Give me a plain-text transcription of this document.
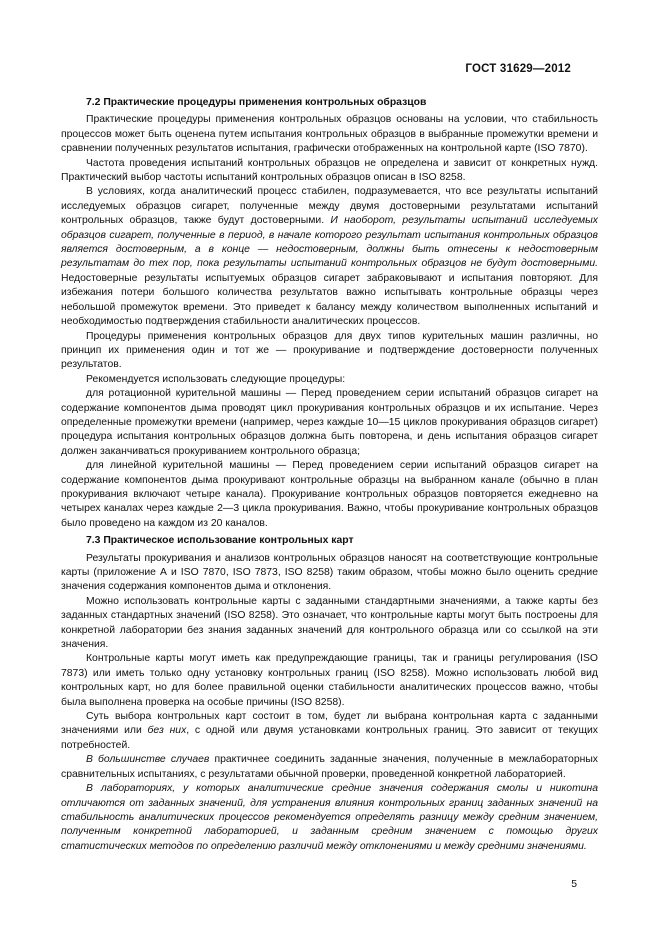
ГОСТ 31629—2012
7.2 Практические процедуры применения контрольных образцов

Практические процедуры применения контрольных образцов основаны на условии, что стабильность процессов может быть оценена путем испытания контрольных образцов в выбранные промежутки времени и сравнении полученных результатов испытания, графически отображенных на контрольной карте (ISO 7870).

Частота проведения испытаний контрольных образцов не определена и зависит от конкретных нужд. Практический выбор частоты испытаний контрольных образцов описан в ISO 8258.

В условиях, когда аналитический процесс стабилен, подразумевается, что все результаты испытаний исследуемых образцов сигарет, полученные между двумя достоверными результатами испытаний контрольных образцов, также будут достоверными. И наоборот, результаты испытаний исследуемых образцов сигарет, полученные в период, в начале которого результат испытания контрольных образцов является достоверным, а в конце — недостоверным, должны быть отнесены к недостоверным результатам до тех пор, пока результаты испытаний контрольных образцов не будут достоверными. Недостоверные результаты испытуемых образцов сигарет забраковывают и испытания повторяют. Для избежания потери большого количества результатов важно испытывать контрольные образцы через небольшой промежуток времени. Это приведет к балансу между количеством выполненных испытаний и необходимостью подтверждения стабильности аналитических процессов.

Процедуры применения контрольных образцов для двух типов курительных машин различны, но принцип их применения один и тот же — прокуривание и подтверждение достоверности полученных результатов.

Рекомендуется использовать следующие процедуры:

для ротационной курительной машины — Перед проведением серии испытаний образцов сигарет на содержание компонентов дыма проводят цикл прокуривания контрольных образцов и их испытание. Через определенные промежутки времени (например, через каждые 10—15 циклов прокуривания образцов сигарет) процедура испытания контрольных образцов должна быть повторена, и день испытания образцов сигарет должен заканчиваться прокуриванием контрольного образца;

для линейной курительной машины — Перед проведением серии испытаний образцов сигарет на содержание компонентов дыма прокуривают контрольные образцы на выбранном канале (обычно в план прокуривания включают четыре канала). Прокуривание контрольных образцов повторяется ежедневно на четырех каналах через каждые 2—3 цикла прокуривания. Важно, чтобы прокуривание контрольных образцов было проведено на каждом из 20 каналов.

7.3 Практическое использование контрольных карт

Результаты прокуривания и анализов контрольных образцов наносят на соответствующие контрольные карты (приложение А и ISO 7870, ISO 7873, ISO 8258) таким образом, чтобы можно было оценить средние значения содержания компонентов дыма и отклонения.

Можно использовать контрольные карты с заданными стандартными значениями, а также карты без заданных стандартных значений (ISO 8258). Это означает, что контрольные карты могут быть построены для конкретной лаборатории без знания заданных значений для контрольного образца или со ссылкой на эти значения.

Контрольные карты могут иметь как предупреждающие границы, так и границы регулирования (ISO 7873) или иметь только одну установку контрольных границ (ISO 8258). Можно использовать любой вид контрольных карт, но для более правильной оценки стабильности аналитических процессов важно, чтобы была выполнена проверка на особые причины (ISO 8258).

Суть выбора контрольных карт состоит в том, будет ли выбрана контрольная карта с заданными значениями или без них, с одной или двумя установками контрольных границ. Это зависит от текущих потребностей.

В большинстве случаев практичнее соединить заданные значения, полученные в межлабораторных сравнительных испытаниях, с результатами обычной проверки, проведенной конкретной лабораторией.

В лабораториях, у которых аналитические средние значения содержания смолы и никотина отличаются от заданных значений, для устранения влияния контрольных границ заданных значений на стабильность аналитических процессов рекомендуется определять разницу между средним значением, полученным конкретной лабораторией, и заданным средним значением с помощью других статистических методов по определению различий между отклонениями и между средними значениями.

5
